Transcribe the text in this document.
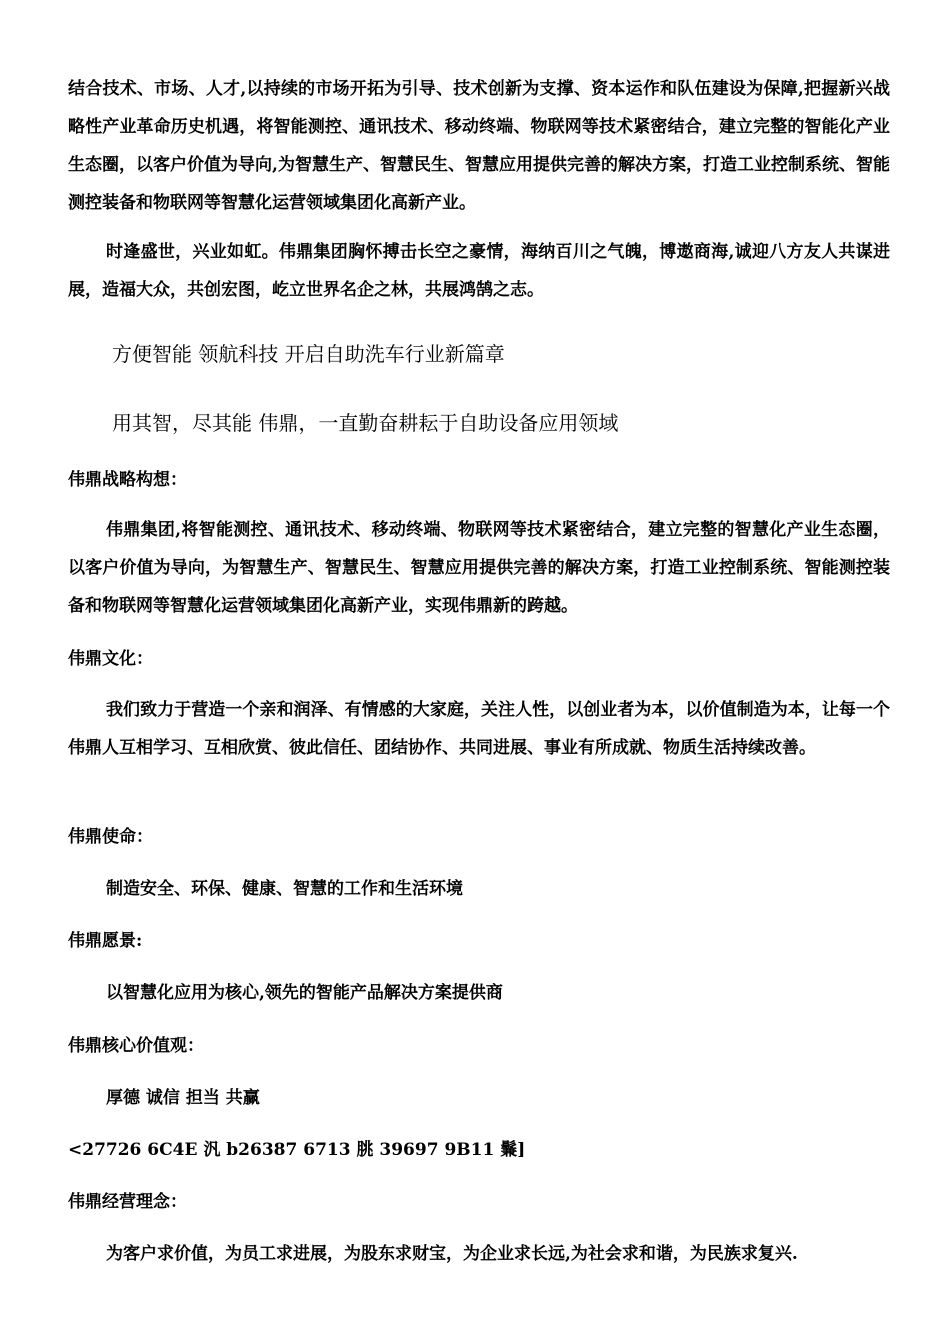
结合技术、市场、人才,以持续的市场开拓为引导、技术创新为支撑、资本运作和队伍建设为保障,把握新兴战略性产业革命历史机遇，将智能测控、通讯技术、移动终端、物联网等技术紧密结合，建立完整的智能化产业生态圈，以客户价值为导向,为智慧生产、智慧民生、智慧应用提供完善的解决方案，打造工业控制系统、智能测控装备和物联网等智慧化运营领域集团化高新产业。

时逢盛世，兴业如虹。伟鼎集团胸怀搏击长空之豪情，海纳百川之气魄，博遨商海,诚迎八方友人共谋进展，造福大众，共创宏图，屹立世界名企之林，共展鸿鹄之志。

方便智能 领航科技 开启自助洗车行业新篇章
用其智，尽其能 伟鼎，一直勤奋耕耘于自助设备应用领域
伟鼎战略构想：

伟鼎集团,将智能测控、通讯技术、移动终端、物联网等技术紧密结合，建立完整的智慧化产业生态圈，以客户价值为导向，为智慧生产、智慧民生、智慧应用提供完善的解决方案，打造工业控制系统、智能测控装备和物联网等智慧化运营领域集团化高新产业，实现伟鼎新的跨越。

伟鼎文化：

我们致力于营造一个亲和润泽、有情感的大家庭，关注人性，以创业者为本，以价值制造为本，让每一个伟鼎人互相学习、互相欣赏、彼此信任、团结协作、共同进展、事业有所成就、物质生活持续改善。

伟鼎使命：
制造安全、环保、健康、智慧的工作和生活环境
伟鼎愿景:
以智慧化应用为核心,领先的智能产品解决方案提供商
伟鼎核心价值观：
厚德 诚信 担当 共赢
<27726 6C4E 汎 b26387 6713 朓 39697 9B11 鬑]
伟鼎经营理念：
为客户求价值，为员工求进展，为股东求财宝，为企业求长远,为社会求和谐，为民族求复兴.
